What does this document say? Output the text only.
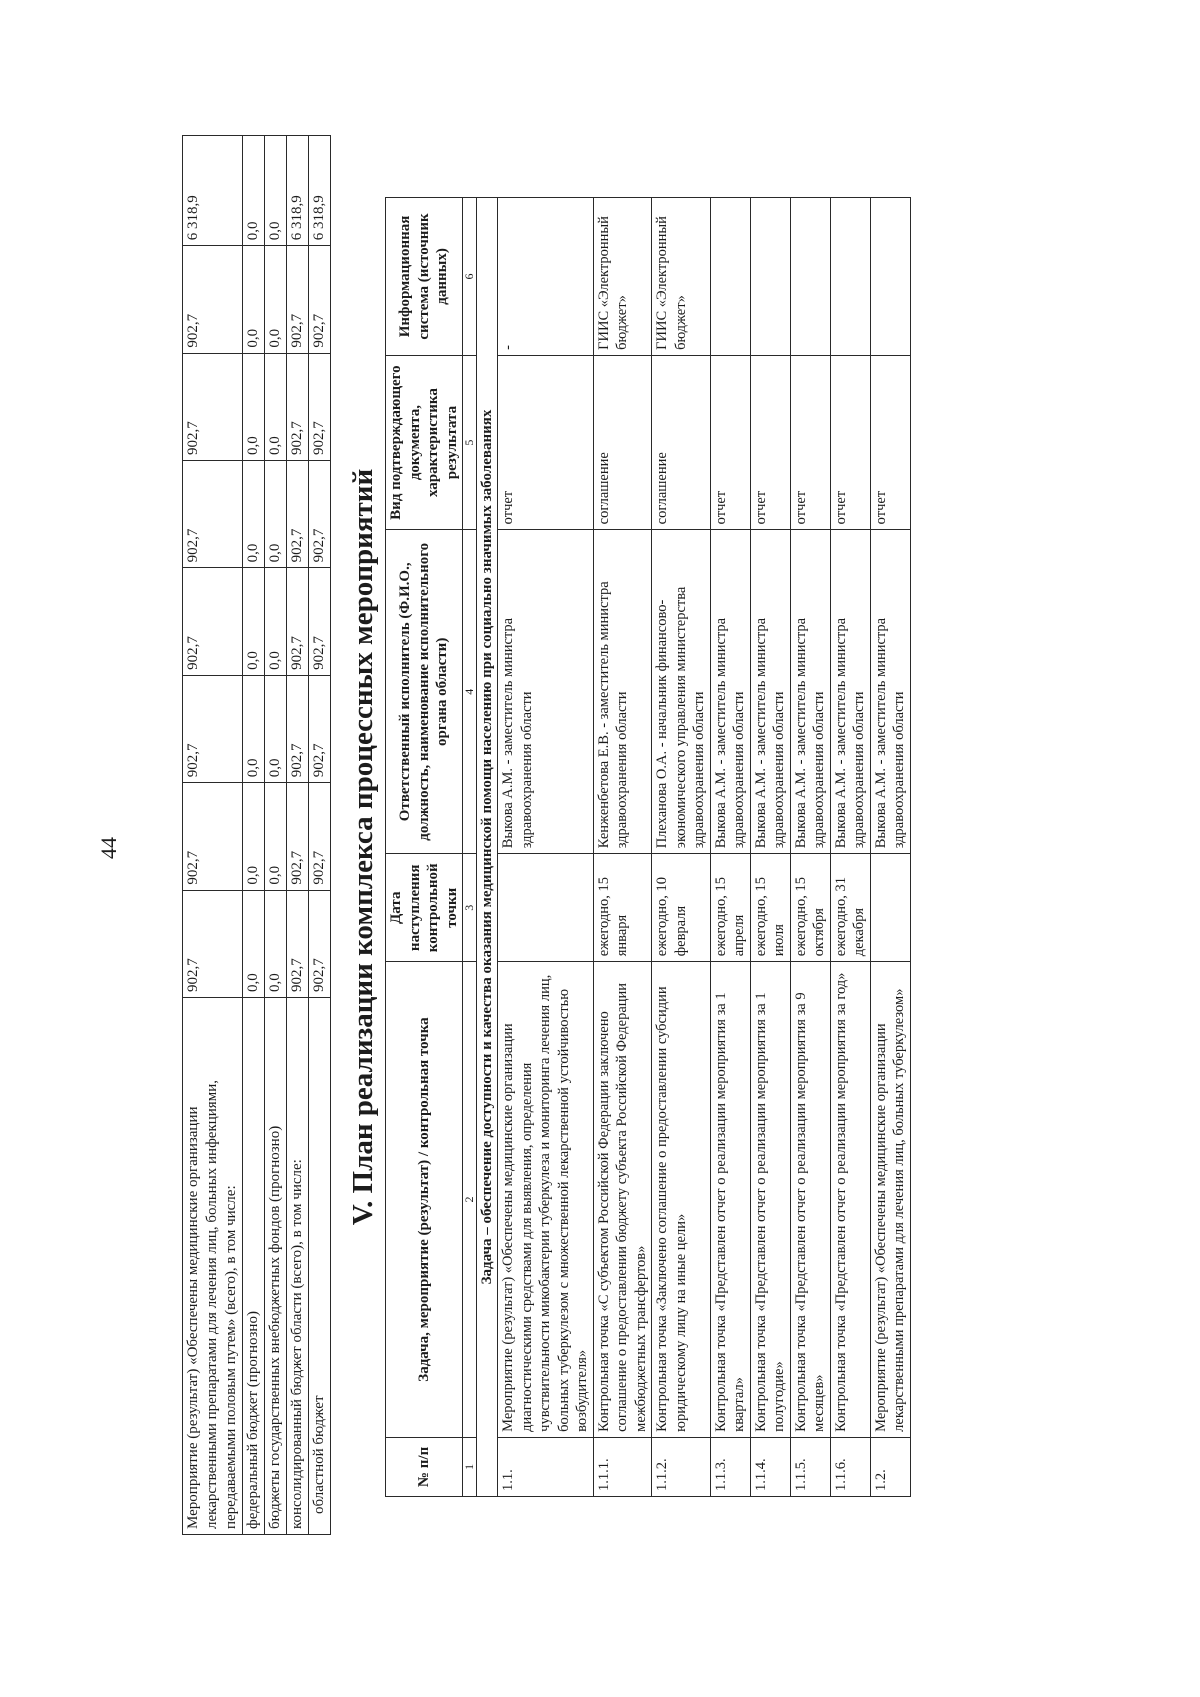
44
Мероприятие (результат) «Обеспечены медицинские организации лекарственными препаратами для лечения лиц, больных инфекциями, передаваемыми половым путем» (всего), в том числе:	902,7	902,7	902,7	902,7	902,7	902,7	902,7	6 318,9
федеральный бюджет (прогнозно)	0,0	0,0	0,0	0,0	0,0	0,0	0,0	0,0
бюджеты государственных внебюджетных фондов (прогнозно)	0,0	0,0	0,0	0,0	0,0	0,0	0,0	0,0
консолидированный бюджет области (всего), в том числе:	902,7	902,7	902,7	902,7	902,7	902,7	902,7	6 318,9
областной бюджет	902,7	902,7	902,7	902,7	902,7	902,7	902,7	6 318,9
V. План реализации комплекса процессных мероприятий
№ п/п	Задача, мероприятие (результат) / контрольная точка	Дата наступления контрольной точки	Ответственный исполнитель (Ф.И.О., должность, наименование исполнительного органа области)	Вид подтверждающего документа, характеристика результата	Информационная система (источник данных)
1	2	3	4	5	6
Задача – обеспечение доступности и качества оказания медицинской помощи населению при социально значимых заболеваниях					
1.1.	Мероприятие (результат) «Обеспечены медицинские организации диагностическими средствами для выявления, определения чувствительности микобактерии туберкулеза и мониторинга лечения лиц, больных туберкулезом с множественной лекарственной устойчивостью возбудителя»		Выкова А.М. - заместитель министра здравоохранения области	отчет	-
1.1.1.	Контрольная точка «С субъектом Российской Федерации заключено соглашение о предоставлении бюджету субъекта Российской Федерации межбюджетных трансфертов»	ежегодно, 15 января	Кенженбетова Е.В. - заместитель министра здравоохранения области	соглашение	ГИИС «Электронный бюджет»
1.1.2.	Контрольная точка «Заключено соглашение о предоставлении субсидии юридическому лицу на иные цели»	ежегодно, 10 февраля	Плеханова О.А. - начальник финансово-экономического управления министерства здравоохранения области	соглашение	ГИИС «Электронный бюджет»
1.1.3.	Контрольная точка «Представлен отчет о реализации мероприятия за 1 квартал»	ежегодно, 15 апреля	Выкова А.М. - заместитель министра здравоохранения области	отчет	
1.1.4.	Контрольная точка «Представлен отчет о реализации мероприятия за 1 полугодие»	ежегодно, 15 июля	Выкова А.М. - заместитель министра здравоохранения области	отчет	
1.1.5.	Контрольная точка «Представлен отчет о реализации мероприятия за 9 месяцев»	ежегодно, 15 октября	Выкова А.М. - заместитель министра здравоохранения области	отчет	
1.1.6.	Контрольная точка «Представлен отчет о реализации мероприятия за год»	ежегодно, 31 декабря	Выкова А.М. - заместитель министра здравоохранения области	отчет	
1.2.	Мероприятие (результат) «Обеспечены медицинские организации лекарственными препаратами для лечения лиц, больных туберкулезом»		Выкова А.М. - заместитель министра здравоохранения области	отчет	
